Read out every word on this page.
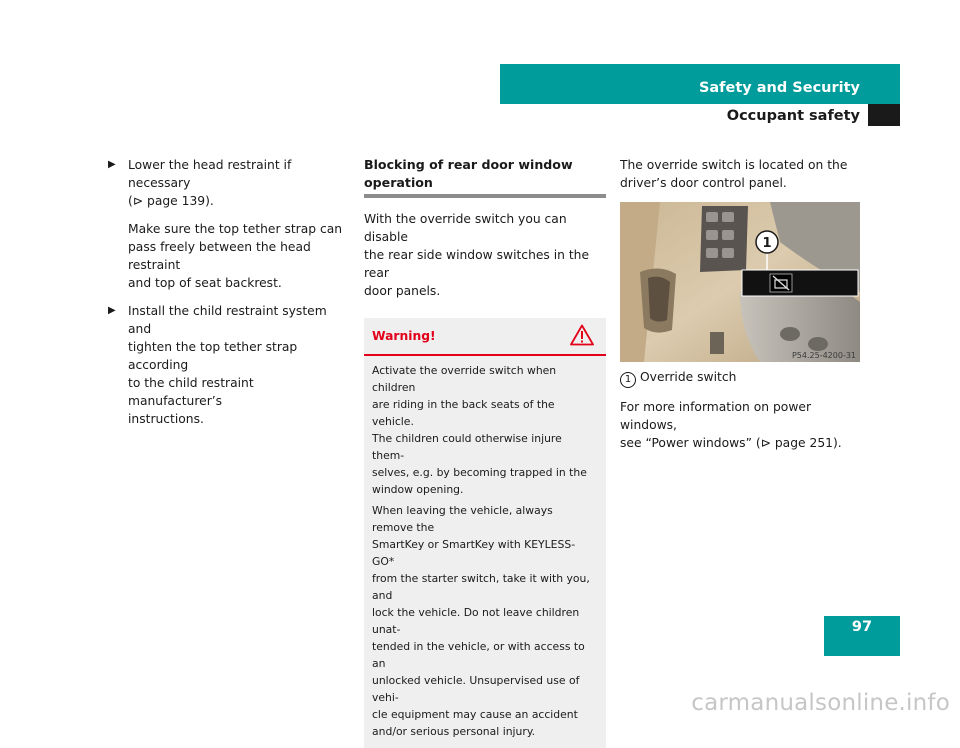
Safety and Security
Occupant safety
▶ Lower the head restraint if necessary
(⊳ page 139).
Make sure the top tether strap can
pass freely between the head restraint
and top of seat backrest.
▶ Install the child restraint system and
tighten the top tether strap according
to the child restraint manufacturer’s
instructions.
Blocking of rear door window operation
With the override switch you can disable
the rear side window switches in the rear
door panels.
Warning!

Activate the override switch when children
are riding in the back seats of the vehicle.
The children could otherwise injure them-
selves, e.g. by becoming trapped in the
window opening.

When leaving the vehicle, always remove the
SmartKey or SmartKey with KEYLESS-GO*
from the starter switch, take it with you, and
lock the vehicle. Do not leave children unat-
tended in the vehicle, or with access to an
unlocked vehicle. Unsupervised use of vehi-
cle equipment may cause an accident
and/or serious personal injury.

The override switch is located on the
driver’s door control panel.
1
P54.25-4200-31
1 Override switch
For more information on power windows,
see “Power windows” (⊳ page 251).
97
carmanualsonline.info
